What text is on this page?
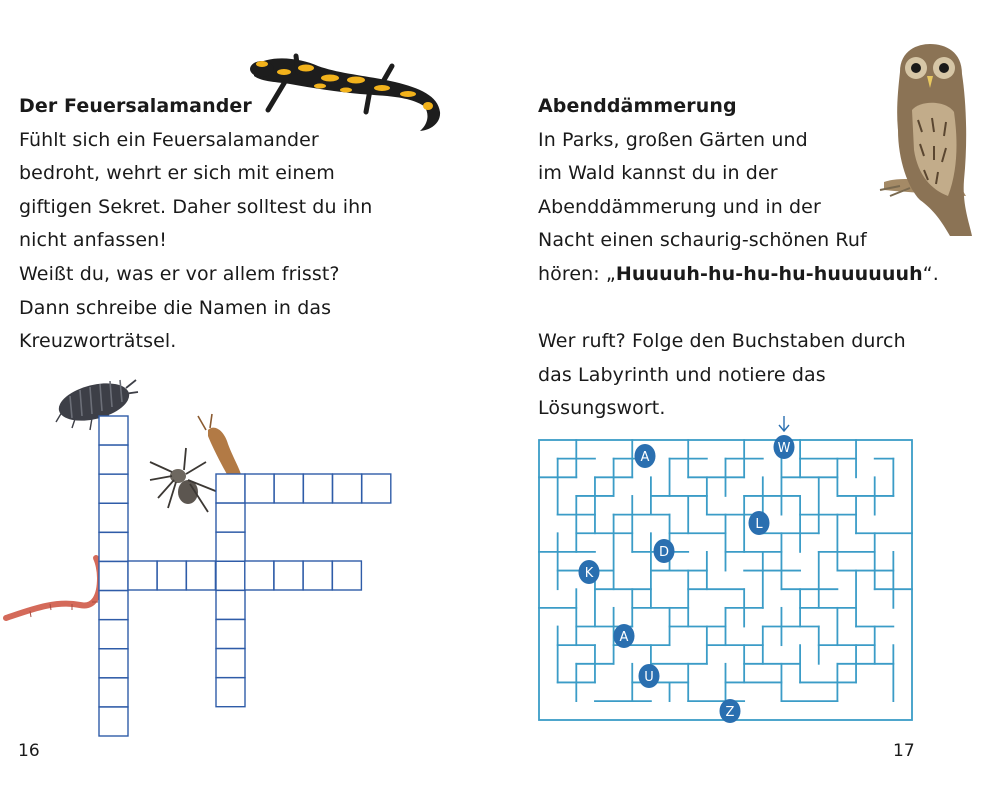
Der Feuersalamander
Fühlt sich ein Feuersalamander
bedroht, wehrt er sich mit einem
giftigen Sekret. Daher solltest du ihn
nicht anfassen!
Weißt du, was er vor allem frisst?
Dann schreibe die Namen in das
Kreuzworträtsel.
Abenddämmerung
In Parks, großen Gärten und
im Wald kannst du in der
Abenddämmerung und in der
Nacht einen schaurig-schönen Ruf
hören: „Huuuuh-hu-hu-hu-huuuuuuh“.

Wer ruft? Folge den Buchstaben durch
das Labyrinth und notiere das
Lösungswort.
16	17
W
A
L
D
K
A
U
Z
